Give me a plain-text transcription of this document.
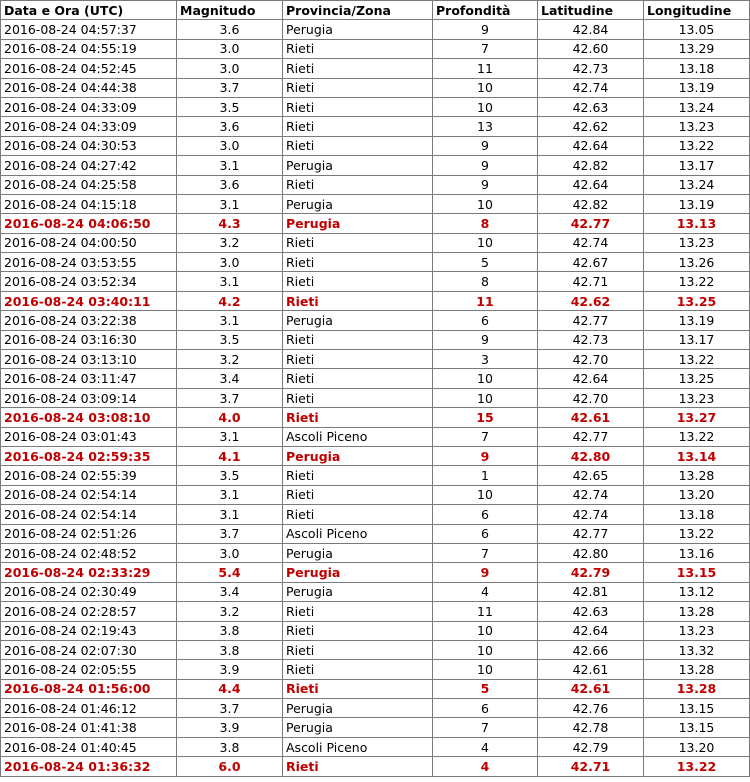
Data e Ora (UTC)	Magnitudo	Provincia/Zona	Profondità	Latitudine	Longitudine
2016-08-24 04:57:37	3.6	Perugia	9	42.84	13.05
2016-08-24 04:55:19	3.0	Rieti	7	42.60	13.29
2016-08-24 04:52:45	3.0	Rieti	11	42.73	13.18
2016-08-24 04:44:38	3.7	Rieti	10	42.74	13.19
2016-08-24 04:33:09	3.5	Rieti	10	42.63	13.24
2016-08-24 04:33:09	3.6	Rieti	13	42.62	13.23
2016-08-24 04:30:53	3.0	Rieti	9	42.64	13.22
2016-08-24 04:27:42	3.1	Perugia	9	42.82	13.17
2016-08-24 04:25:58	3.6	Rieti	9	42.64	13.24
2016-08-24 04:15:18	3.1	Perugia	10	42.82	13.19
2016-08-24 04:06:50	4.3	Perugia	8	42.77	13.13
2016-08-24 04:00:50	3.2	Rieti	10	42.74	13.23
2016-08-24 03:53:55	3.0	Rieti	5	42.67	13.26
2016-08-24 03:52:34	3.1	Rieti	8	42.71	13.22
2016-08-24 03:40:11	4.2	Rieti	11	42.62	13.25
2016-08-24 03:22:38	3.1	Perugia	6	42.77	13.19
2016-08-24 03:16:30	3.5	Rieti	9	42.73	13.17
2016-08-24 03:13:10	3.2	Rieti	3	42.70	13.22
2016-08-24 03:11:47	3.4	Rieti	10	42.64	13.25
2016-08-24 03:09:14	3.7	Rieti	10	42.70	13.23
2016-08-24 03:08:10	4.0	Rieti	15	42.61	13.27
2016-08-24 03:01:43	3.1	Ascoli Piceno	7	42.77	13.22
2016-08-24 02:59:35	4.1	Perugia	9	42.80	13.14
2016-08-24 02:55:39	3.5	Rieti	1	42.65	13.28
2016-08-24 02:54:14	3.1	Rieti	10	42.74	13.20
2016-08-24 02:54:14	3.1	Rieti	6	42.74	13.18
2016-08-24 02:51:26	3.7	Ascoli Piceno	6	42.77	13.22
2016-08-24 02:48:52	3.0	Perugia	7	42.80	13.16
2016-08-24 02:33:29	5.4	Perugia	9	42.79	13.15
2016-08-24 02:30:49	3.4	Perugia	4	42.81	13.12
2016-08-24 02:28:57	3.2	Rieti	11	42.63	13.28
2016-08-24 02:19:43	3.8	Rieti	10	42.64	13.23
2016-08-24 02:07:30	3.8	Rieti	10	42.66	13.32
2016-08-24 02:05:55	3.9	Rieti	10	42.61	13.28
2016-08-24 01:56:00	4.4	Rieti	5	42.61	13.28
2016-08-24 01:46:12	3.7	Perugia	6	42.76	13.15
2016-08-24 01:41:38	3.9	Perugia	7	42.78	13.15
2016-08-24 01:40:45	3.8	Ascoli Piceno	4	42.79	13.20
2016-08-24 01:36:32	6.0	Rieti	4	42.71	13.22
